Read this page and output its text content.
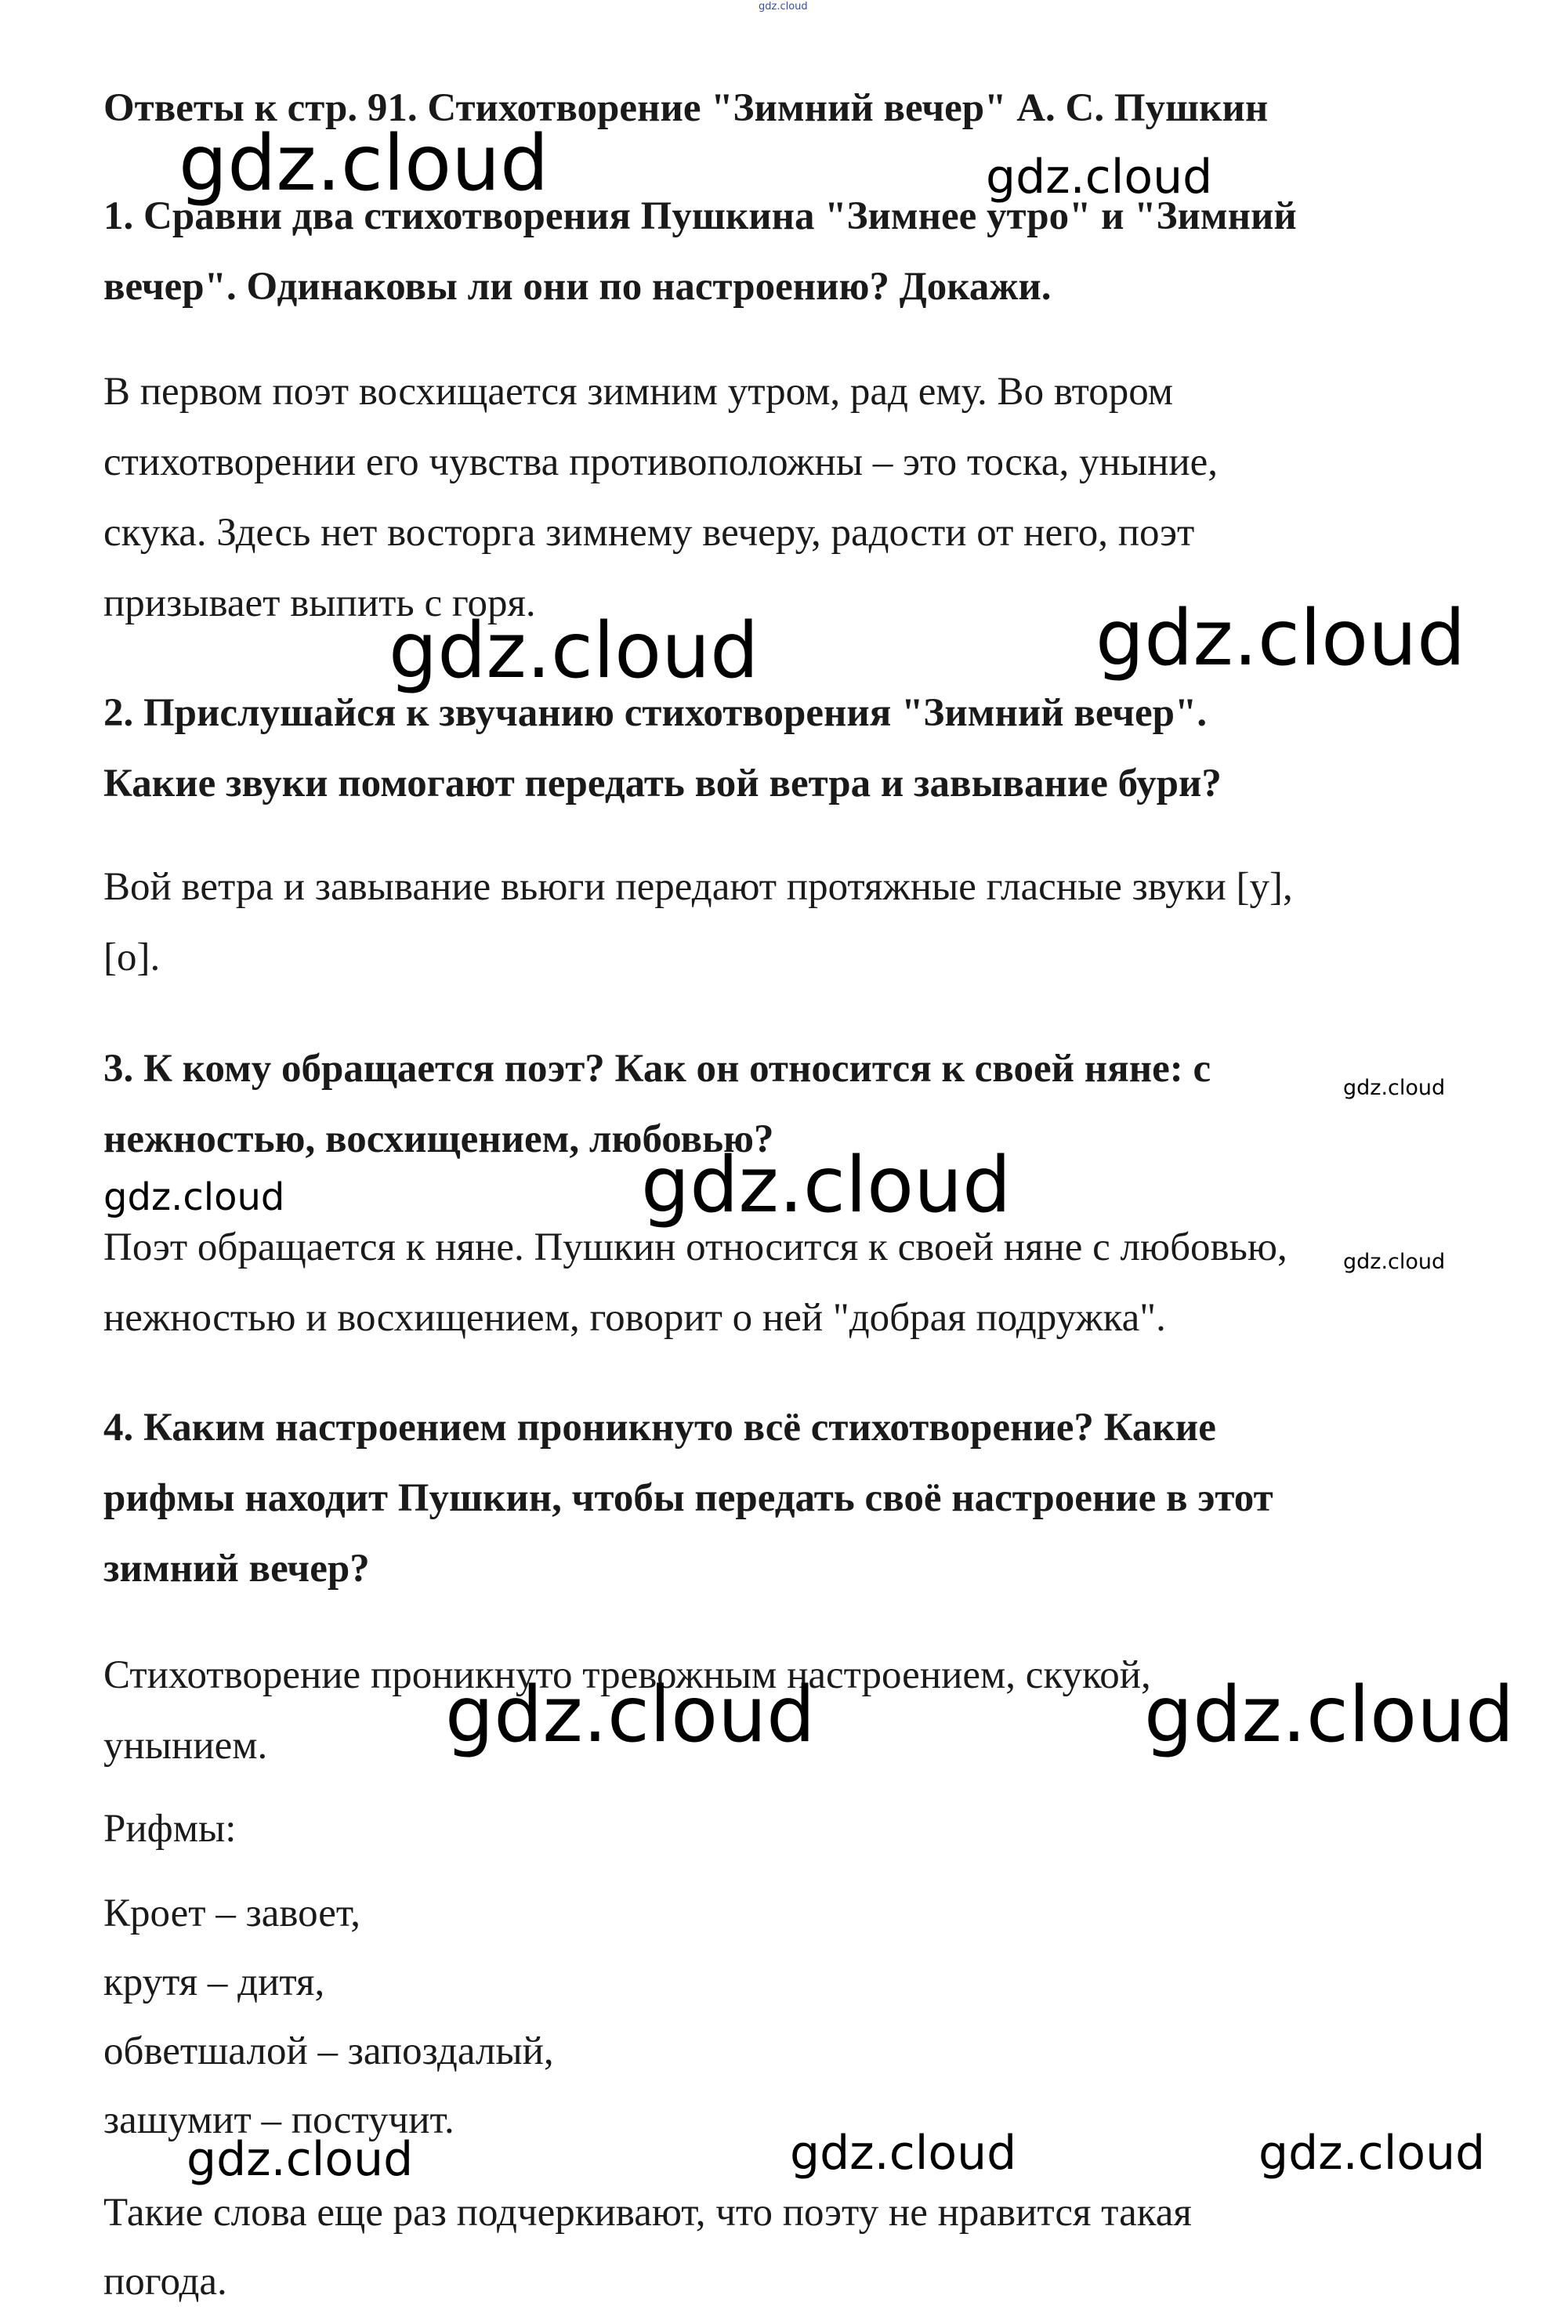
Ответы к стр. 91. Стихотворение "Зимний вечер" А. С. Пушкин

1. Сравни два стихотворения Пушкина "Зимнее утро" и "Зимний

вечер". Одинаковы ли они по настроению? Докажи.

В первом поэт восхищается зимним утром, рад ему. Во втором

стихотворении его чувства противоположны – это тоска, уныние,

скука. Здесь нет восторга зимнему вечеру, радости от него, поэт

призывает выпить с горя.

2. Прислушайся к звучанию стихотворения "Зимний вечер".

Какие звуки помогают передать вой ветра и завывание бури?

Вой ветра и завывание вьюги передают протяжные гласные звуки [у],

[о].

3. К кому обращается поэт? Как он относится к своей няне: с

нежностью, восхищением, любовью?

Поэт обращается к няне. Пушкин относится к своей няне с любовью,

нежностью и восхищением, говорит о ней "добрая подружка".

4. Каким настроением проникнуто всё стихотворение? Какие

рифмы находит Пушкин, чтобы передать своё настроение в этот

зимний вечер?

Стихотворение проникнуто тревожным настроением, скукой,

унынием.

Рифмы:

Кроет – завоет,

крутя – дитя,

обветшалой – запоздалый,

зашумит – постучит.

Такие слова еще раз подчеркивают, что поэту не нравится такая

погода.

gdz.cloud
gdz.cloud	gdz.cloud
gdz.cloud	gdz.cloud
gdz.cloud
gdz.cloud	gdz.cloud
gdz.cloud
gdz.cloud	gdz.cloud
gdz.cloud	gdz.cloud	gdz.cloud
